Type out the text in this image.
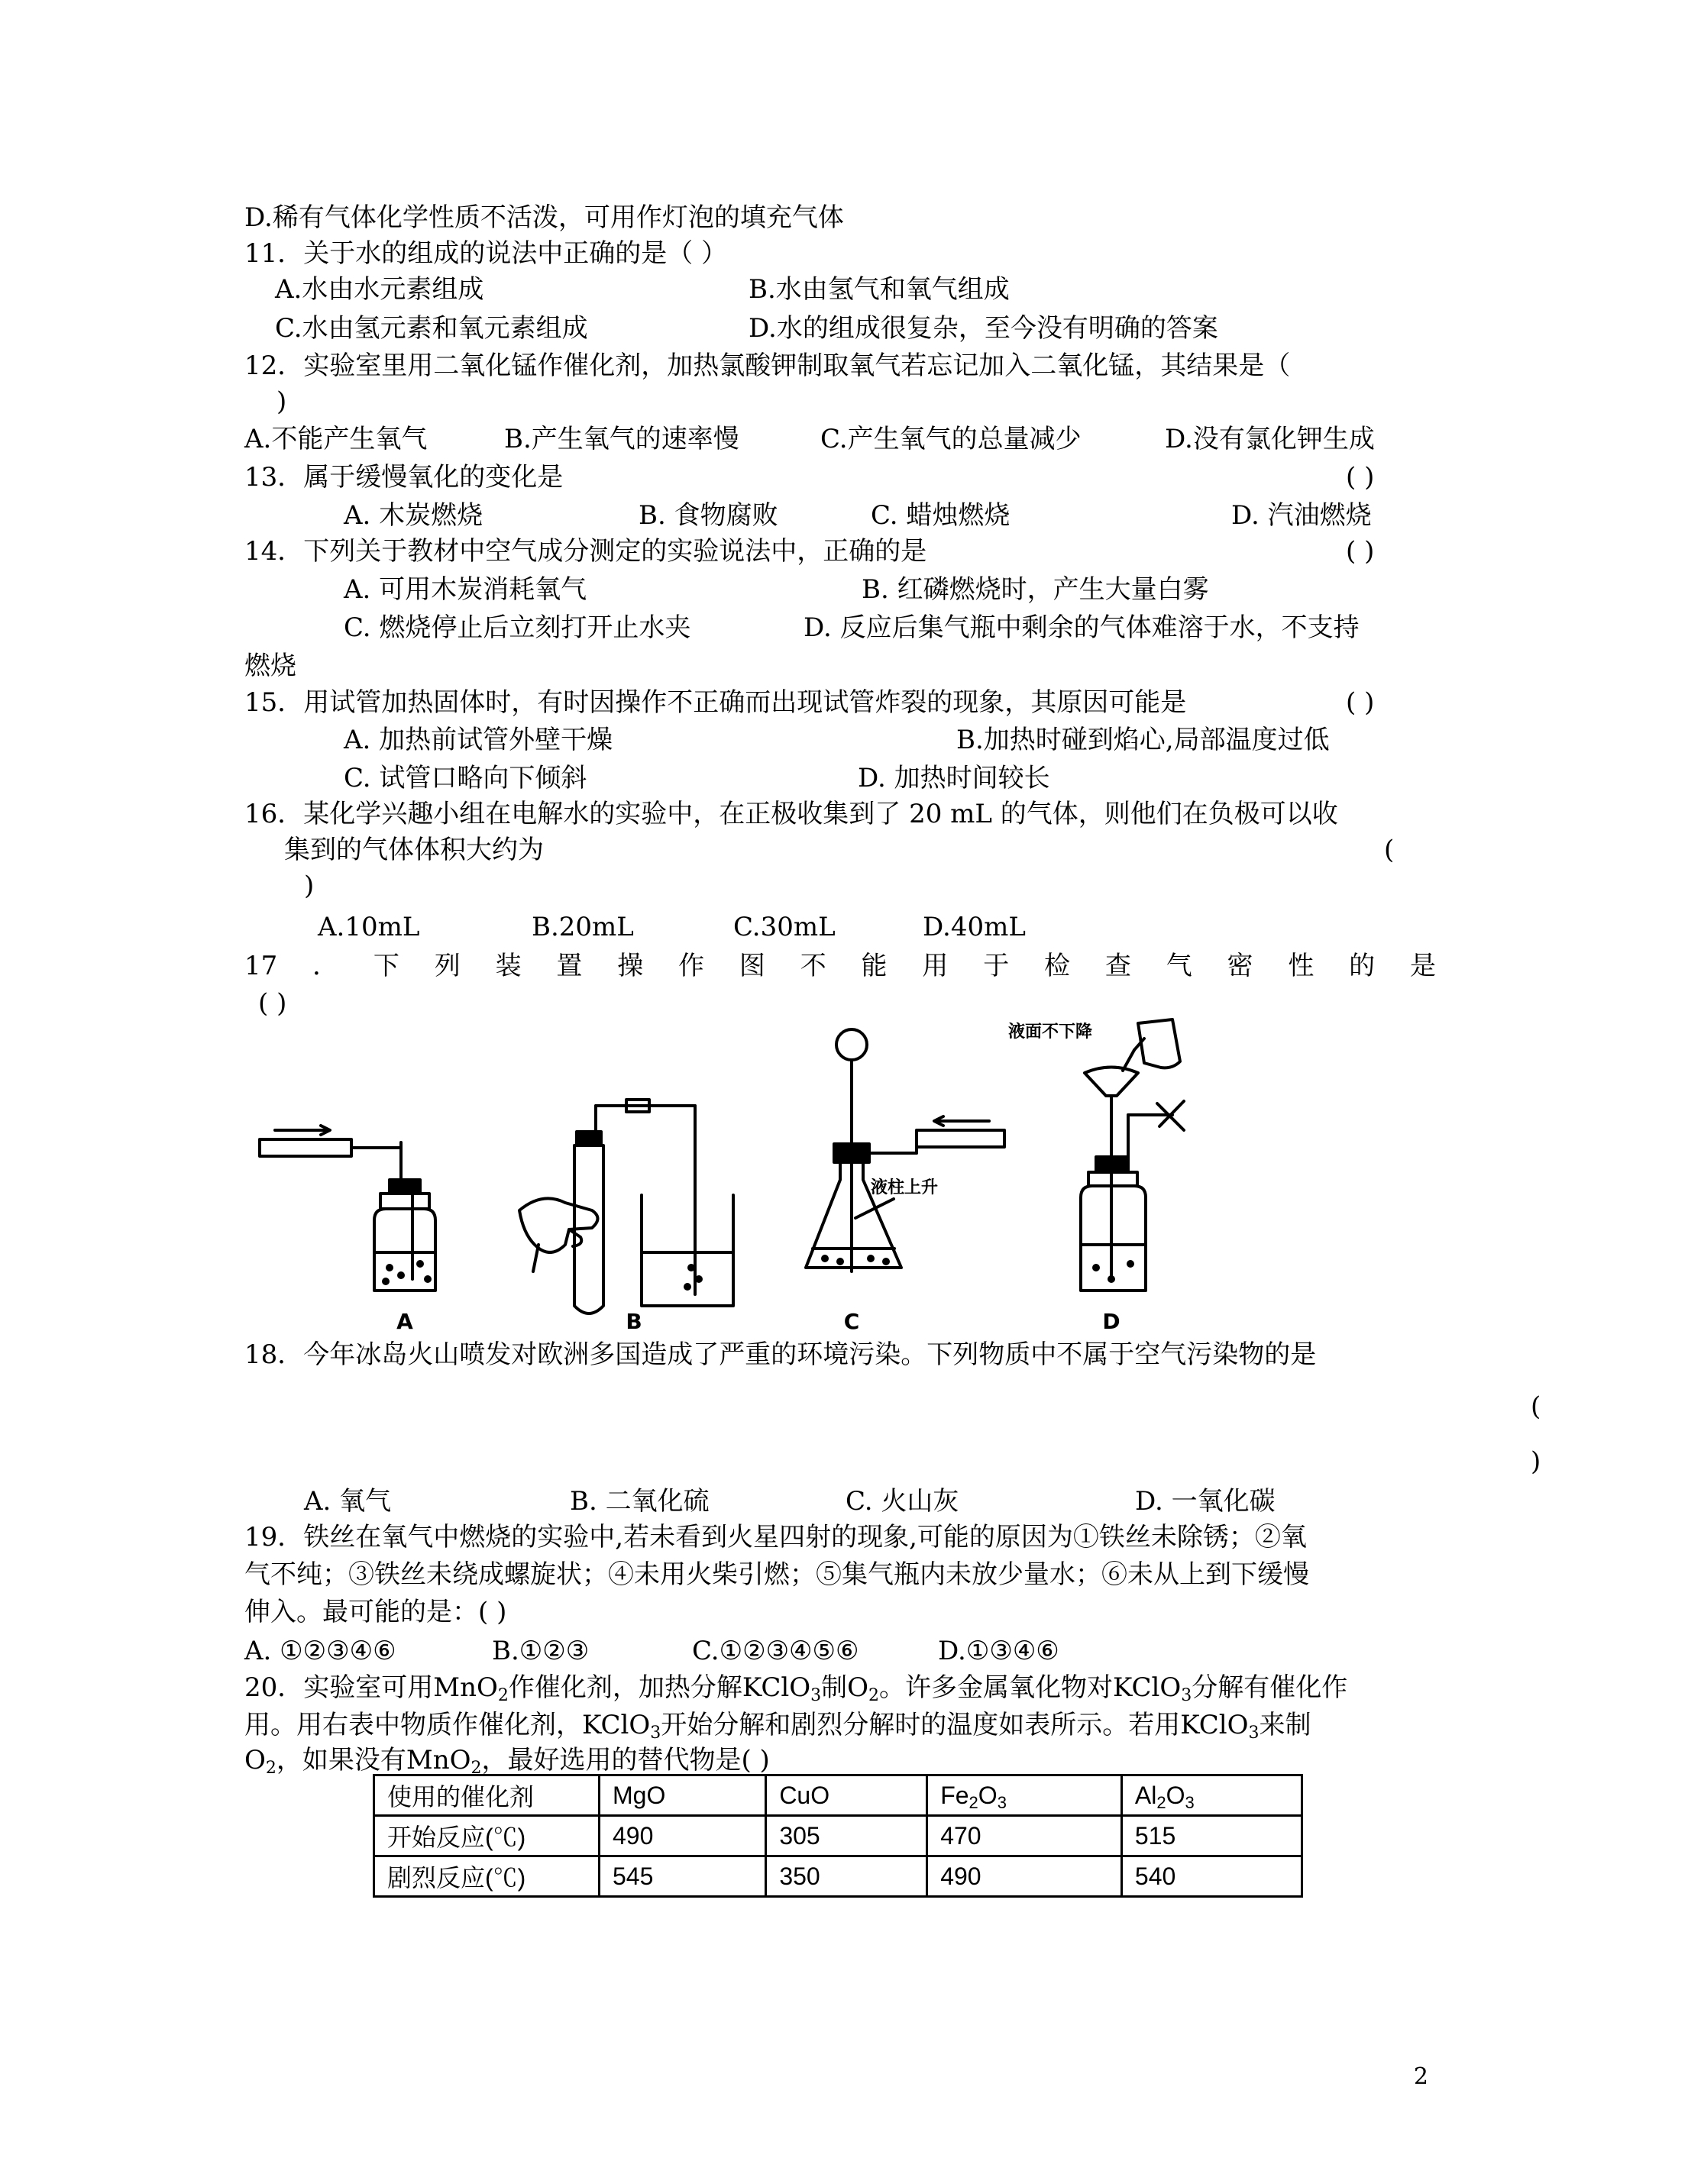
D.稀有气体化学性质不活泼，可用作灯泡的填充气体
11．关于水的组成的说法中正确的是（ ）
A.水由水元素组成	B.水由氢气和氧气组成
C.水由氢元素和氧元素组成	D.水的组成很复杂，至今没有明确的答案
12．实验室里用二氧化锰作催化剂，加热氯酸钾制取氧气若忘记加入二氧化锰，其结果是（
)
A.不能产生氧气	B.产生氧气的速率慢	C.产生氧气的总量减少	D.没有氯化钾生成
13．属于缓慢氧化的变化是	( )
A. 木炭燃烧	B. 食物腐败	C. 蜡烛燃烧	D. 汽油燃烧
14．下列关于教材中空气成分测定的实验说法中，正确的是	( )
A. 可用木炭消耗氧气	B. 红磷燃烧时，产生大量白雾
C. 燃烧停止后立刻打开止水夹	D. 反应后集气瓶中剩余的气体难溶于水，不支持
燃烧
15．用试管加热固体时，有时因操作不正确而出现试管炸裂的现象，其原因可能是	( )
A. 加热前试管外壁干燥	B.加热时碰到焰心,局部温度过低
C. 试管口略向下倾斜	D. 加热时间较长
16．某化学兴趣小组在电解水的实验中，在正极收集到了 20 mL 的气体，则他们在负极可以收
集到的气体体积大约为	(
)
A.10mL	B.20mL	C.30mL	D.40mL
17 ． 下 列 装 置 操 作 图 不 能 用 于 检 查 气 密 性 的 是
( )
A	B	C	D
液柱上升
液面不下降
18．今年冰岛火山喷发对欧洲多国造成了严重的环境污染。下列物质中不属于空气污染物的是
(
)
A. 氧气	B. 二氧化硫	C. 火山灰	D. 一氧化碳
19．铁丝在氧气中燃烧的实验中,若未看到火星四射的现象,可能的原因为①铁丝未除锈；②氧
气不纯；③铁丝未绕成螺旋状；④未用火柴引燃；⑤集气瓶内未放少量水；⑥未从上到下缓慢
伸入。最可能的是：( )
A. ①②③④⑥	B.①②③	C.①②③④⑤⑥	D.①③④⑥
20．实验室可用MnO$_2$作催化剂，加热分解KClO$_3$制$O_2$。许多金属氧化物对KClO$_3$分解有催化作
用。用右表中物质作催化剂，KClO$_3$开始分解和剧烈分解时的温度如表所示。若用KClO$_3$来制
$O_2$，如果没有MnO$_2$，最好选用的替代物是( )
使用的催化剂	MgO	CuO	$Fe_2O_3$	$Al_2O_3$
开始反应(℃)	490	305	470	515
剧烈反应(℃)	545	350	490	540
2
